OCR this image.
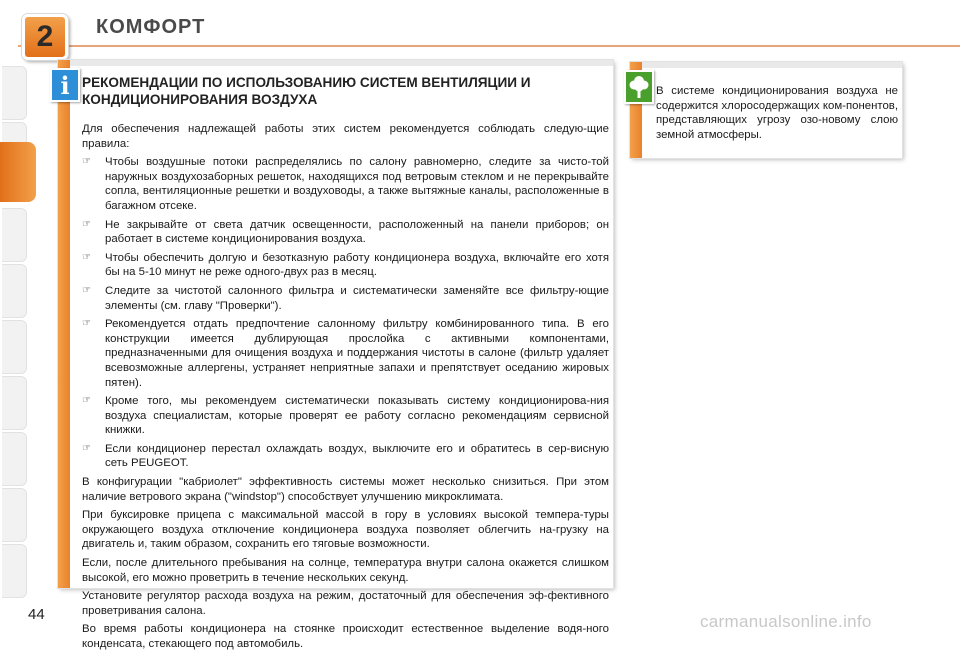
2 КОМФОРТ
i РЕКОМЕНДАЦИИ ПО ИСПОЛЬЗОВАНИЮ СИСТЕМ ВЕНТИЛЯЦИИ И
КОНДИЦИОНИРОВАНИЯ ВОЗДУХА

Для обеспечения надлежащей работы этих систем рекомендуется соблюдать следую-щие правила:

☞ Чтобы воздушные потоки распределялись по салону равномерно, следите за чисто-той наружных воздухозаборных решеток, находящихся под ветровым стеклом и не перекрывайте сопла, вентиляционные решетки и воздуховоды, а также вытяжные каналы, расположенные в багажном отсеке.
☞ Не закрывайте от света датчик освещенности, расположенный на панели приборов; он работает в системе кондиционирования воздуха.
☞ Чтобы обеспечить долгую и безотказную работу кондиционера воздуха, включайте его хотя бы на 5-10 минут не реже одного-двух раз в месяц.
☞ Следите за чистотой салонного фильтра и систематически заменяйте все фильтру-ющие элементы (см. главу "Проверки").
☞ Рекомендуется отдать предпочтение салонному фильтру комбинированного типа. В его конструкции имеется дублирующая прослойка с активными компонентами, предназначенными для очищения воздуха и поддержания чистоты в салоне (фильтр удаляет всевозможные аллергены, устраняет неприятные запахи и препятствует оседанию жировых пятен).
☞ Кроме того, мы рекомендуем систематически показывать систему кондиционирова-ния воздуха специалистам, которые проверят ее работу согласно рекомендациям сервисной книжки.
☞ Если кондиционер перестал охлаждать воздух, выключите его и обратитесь в сер-висную сеть PEUGEOT.

В конфигурации "кабриолет" эффективность системы может несколько снизиться. При этом наличие ветрового экрана ("windstop") способствует улучшению микроклимата.

При буксировке прицепа с максимальной массой в гору в условиях высокой темпера-туры окружающего воздуха отключение кондиционера воздуха позволяет облегчить на-грузку на двигатель и, таким образом, сохранить его тяговые возможности.

Если, после длительного пребывания на солнце, температура внутри салона окажется слишком высокой, его можно проветрить в течение нескольких секунд.

Установите регулятор расхода воздуха на режим, достаточный для обеспечения эф-фективного проветривания салона.

Во время работы кондиционера на стоянке происходит естественное выделение водя-ного конденсата, стекающего под автомобиль.

В системе кондиционирования воздуха не содержится хлоросодержащих ком-понентов, представляющих угрозу озо-новому слою земной атмосферы.
44	carmanualsonline.info
